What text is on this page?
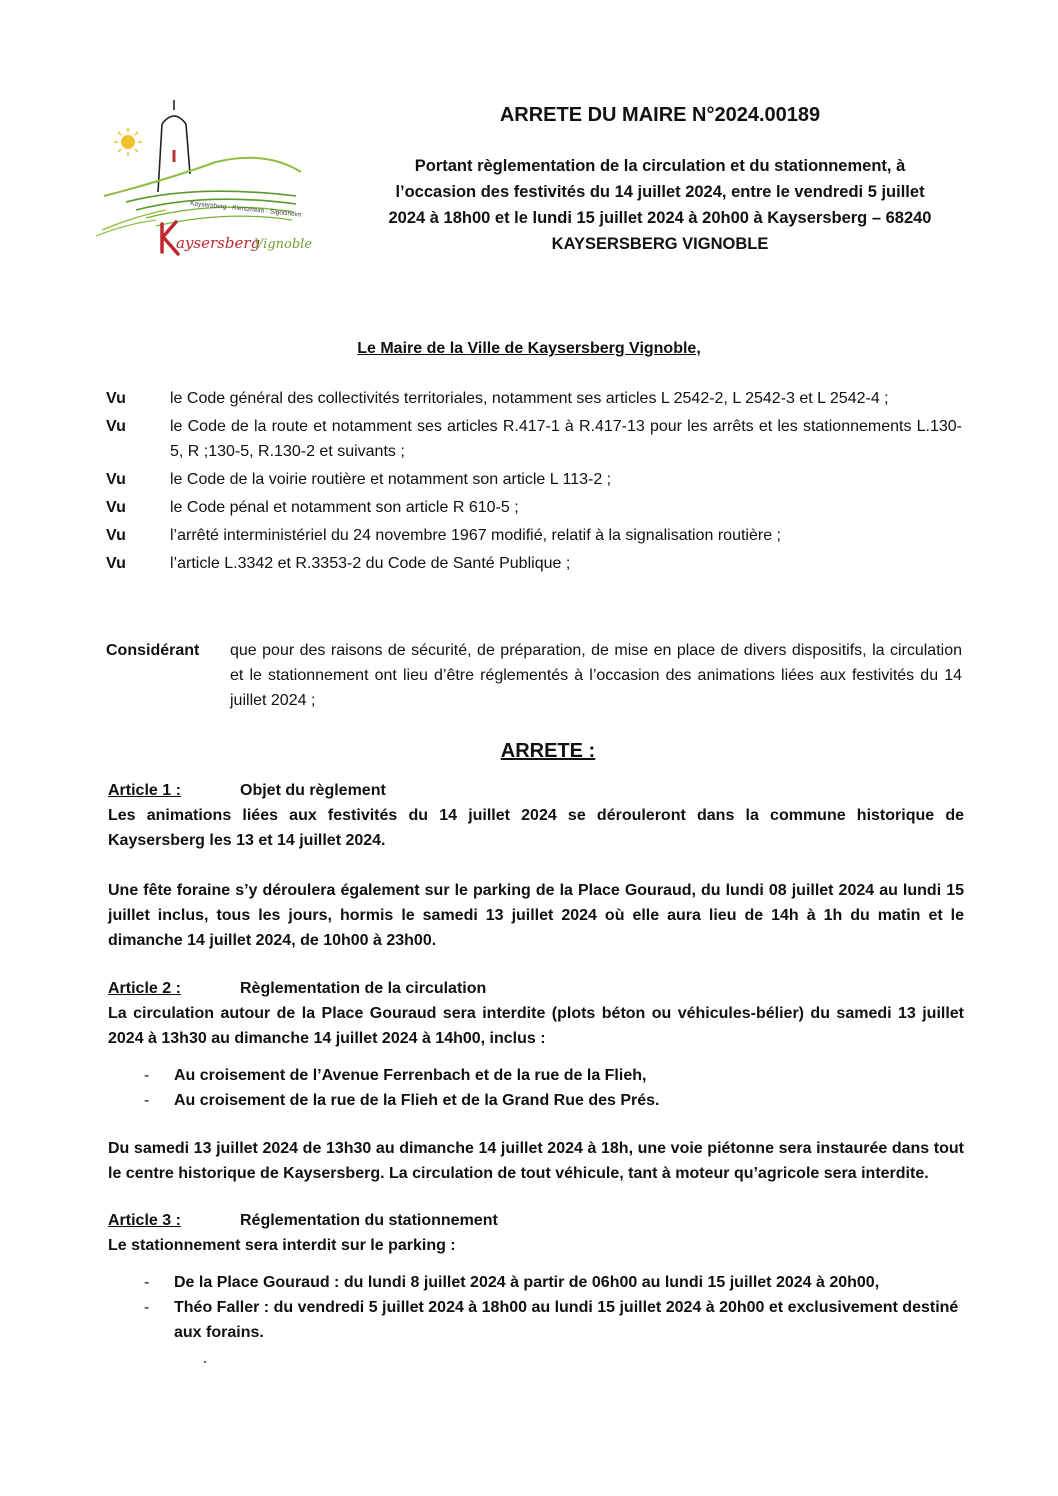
Kaysersberg · Kientzheim · Sigolsheim
aysersberg
Vignoble
ARRETE DU MAIRE N°2024.00189

Portant règlementation de la circulation et du stationnement, à
l’occasion des festivités du 14 juillet 2024, entre le vendredi 5 juillet
2024 à 18h00 et le lundi 15 juillet 2024 à 20h00 à Kaysersberg – 68240
KAYSERSBERG VIGNOBLE

Le Maire de la Ville de Kaysersberg Vignoble,
Vu	le Code général des collectivités territoriales, notamment ses articles L 2542-2, L 2542-3 et L 2542-4 ;
Vu	le Code de la route et notamment ses articles R.417-1 à R.417-13 pour les arrêts et les stationnements L.130-5, R ;130-5, R.130-2 et suivants ;
Vu	le Code de la voirie routière et notamment son article L 113-2 ;
Vu	le Code pénal et notamment son article R 610-5 ;
Vu	l’arrêté interministériel du 24 novembre 1967 modifié, relatif à la signalisation routière ;
Vu	l’article L.3342 et R.3353-2 du Code de Santé Publique ;
Considérant	que pour des raisons de sécurité, de préparation, de mise en place de divers dispositifs, la circulation et le stationnement ont lieu d’être réglementés à l’occasion des animations liées aux festivités du 14 juillet 2024 ;
ARRETE :
Article 1 :	Objet du règlement

Les animations liées aux festivités du 14 juillet 2024 se dérouleront dans la commune historique de Kaysersberg les 13 et 14 juillet 2024.

Une fête foraine s’y déroulera également sur le parking de la Place Gouraud, du lundi 08 juillet 2024 au lundi 15 juillet inclus, tous les jours, hormis le samedi 13 juillet 2024 où elle aura lieu de 14h à 1h du matin et le dimanche 14 juillet 2024, de 10h00 à 23h00.

Article 2 :	Règlementation de la circulation

La circulation autour de la Place Gouraud sera interdite (plots béton ou véhicules-bélier) du samedi 13 juillet 2024 à 13h30 au dimanche 14 juillet 2024 à 14h00, inclus :

-	Au croisement de l’Avenue Ferrenbach et de la rue de la Flieh,
-	Au croisement de la rue de la Flieh et de la Grand Rue des Prés.

Du samedi 13 juillet 2024 de 13h30 au dimanche 14 juillet 2024 à 18h, une voie piétonne sera instaurée dans tout le centre historique de Kaysersberg. La circulation de tout véhicule, tant à moteur qu’agricole sera interdite.

Article 3 :	Réglementation du stationnement

Le stationnement sera interdit sur le parking :

-	De la Place Gouraud : du lundi 8 juillet 2024 à partir de 06h00 au lundi 15 juillet 2024 à 20h00,
-	Théo Faller : du vendredi 5 juillet 2024 à 18h00 au lundi 15 juillet 2024 à 20h00 et exclusivement destiné aux forains.
